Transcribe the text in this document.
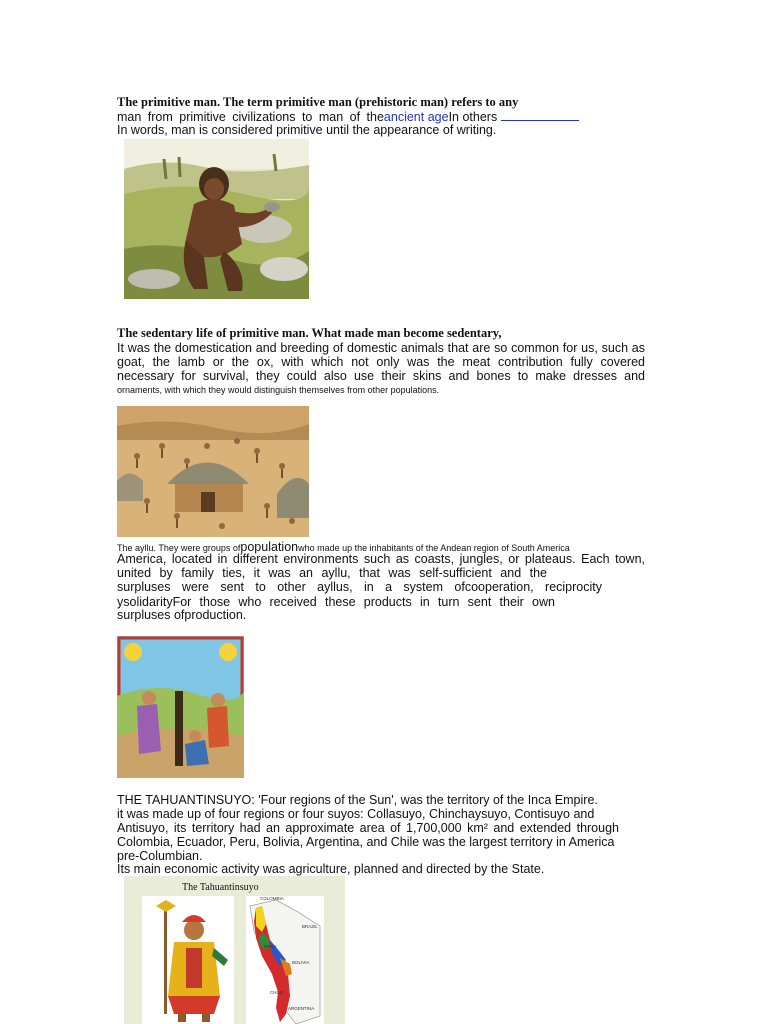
The primitive man. The term primitive man (prehistoric man) refers to any
man from primitive civilizations to man of theancient ageIn others
In words, man is considered primitive until the appearance of writing.
The sedentary life of primitive man. What made man become sedentary,
It was the domestication and breeding of domestic animals that are so common for us, such as
goat, the lamb or the ox, with which not only was the meat contribution fully covered
necessary for survival, they could also use their skins and bones to make dresses and
ornaments, with which they would distinguish themselves from other populations.
The ayllu. They were groups ofpopulationwho made up the inhabitants of the Andean region of South America
America, located in different environments such as coasts, jungles, or plateaus. Each town,
united by family ties, it was an ayllu, that was self-sufficient and the
surpluses were sent to other ayllus, in a system ofcooperation, reciprocity
ysolidarityFor those who received these products in turn sent their own
surpluses ofproduction.
THE TAHUANTINSUYO: 'Four regions of the Sun', was the territory of the Inca Empire.
it was made up of four regions or four suyos: Collasuyo, Chinchaysuyo, Contisuyo and
Antisuyo, its territory had an approximate area of 1,700,000 km² and extended through
Colombia, Ecuador, Peru, Bolivia, Argentina, and Chile was the largest territory in America
pre-Columbian.
Its main economic activity was agriculture, planned and directed by the State.
The Tahuantinsuyo
COLOMBIA
BRAZIL
PERU
BOLIVIA
CHILE
ARGENTINA
